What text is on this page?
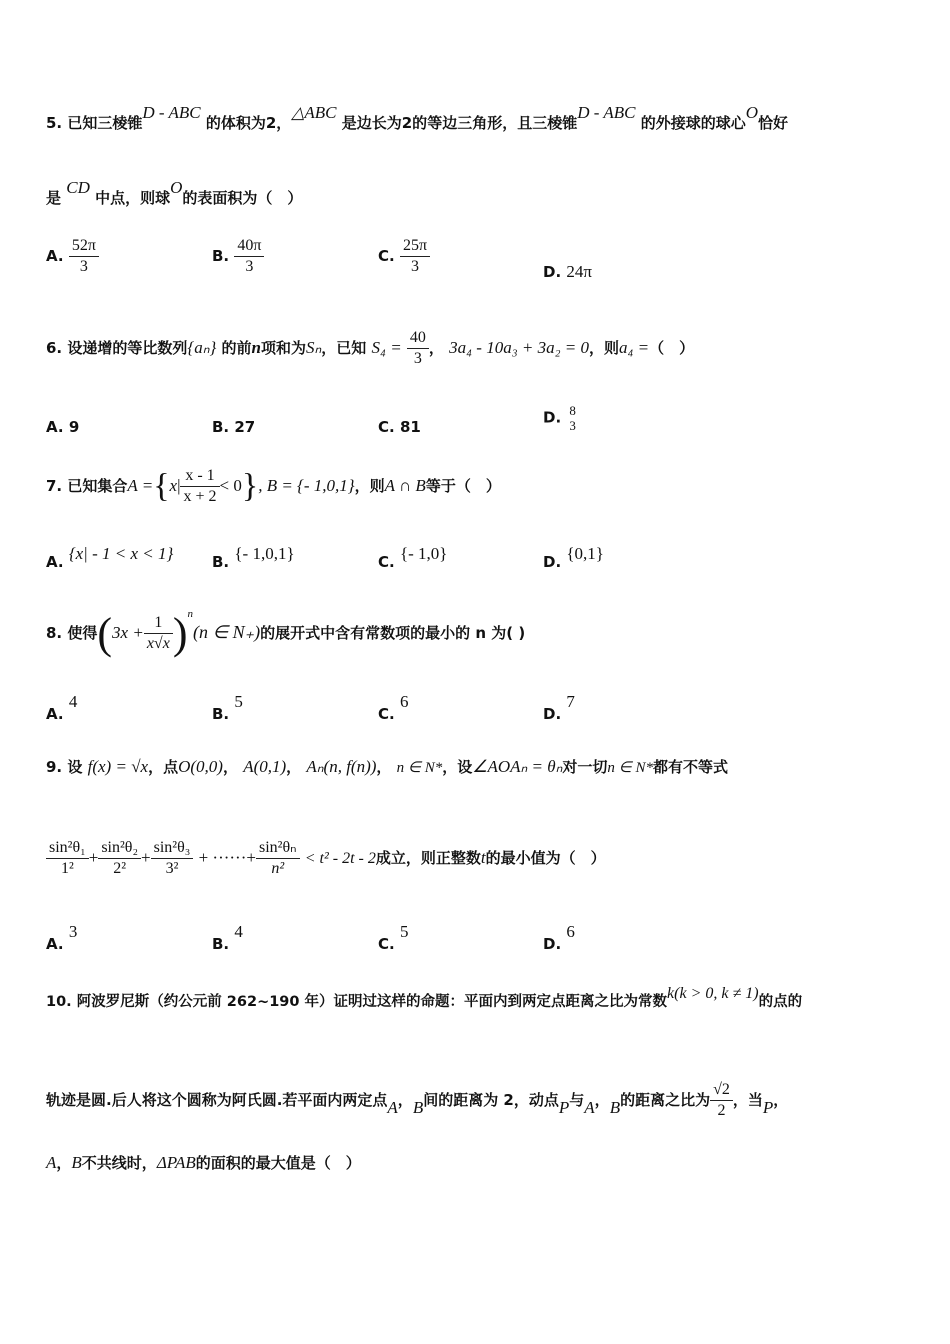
5. 已知三棱锥D - ABC 的体积为2，△ABC 是边长为2的等边三角形，且三棱锥D - ABC 的外接球的球心O恰好
是 CD 中点，则球O的表面积为（　）
A. $\frac{52\pi}{3}$	B. $\frac{40\pi}{3}$	C. $\frac{25\pi}{3}$	D. 24π
6. 设递增的等比数列{aₙ} 的前n项和为Sₙ，已知 $S_4 = \frac{40}{3}$ ， 3a₄ - 10a₃ + 3a₂ = 0，则a₄ =（　）
A. 9	B. 27	C. 81
D. 8
3
7. 已知集合$A =\{x| \frac{x - 1}{x + 2} < 0\}$, B = {- 1,0,1}，则A ∩ B等于（　）
A. {x| - 1 < x < 1}	B. {- 1,0,1}	C. {- 1,0}	D. {0,1}
8. 使得$(3x + \frac{1}{x√x} )^n(n$ ∈ N₊)的展开式中含有常数项的最小的 n 为( )
A. 4
B. 5
C. 6
D. 7
9. 设 f(x) = √x，点O(0,0)， A(0,1)， Aₙ(n, f(n))， n ∈ N*，设∠AOAₙ = θₙ对一切n ∈ N*都有不等式
$\frac{\text{sin²θ₁}}{\text{1²}} + \frac{\text{sin²θ₂}}{\text{2²}} + \frac{\text{sin²θ₃}}{\text{3²}}$ + ······+ $\frac{\text{sin²θₙ}}{\text{n²}} < t^2 - 2t - 2$成立，则正整数t的最小值为（　）
A. 3
B. 4
C. 5
D. 6
10. 阿波罗尼斯（约公元前 262~190 年）证明过这样的命题：平面内到两定点距离之比为常数k(k > 0, k ≠ 1)的点的
轨迹是圆.后人将这个圆称为阿氏圆.若平面内两定点A，B间的距离为 2，动点P与A，B的距离之比为 $\frac{√2}{2}$ ，当P，
A，B不共线时，ΔPAB的面积的最大值是（　）
